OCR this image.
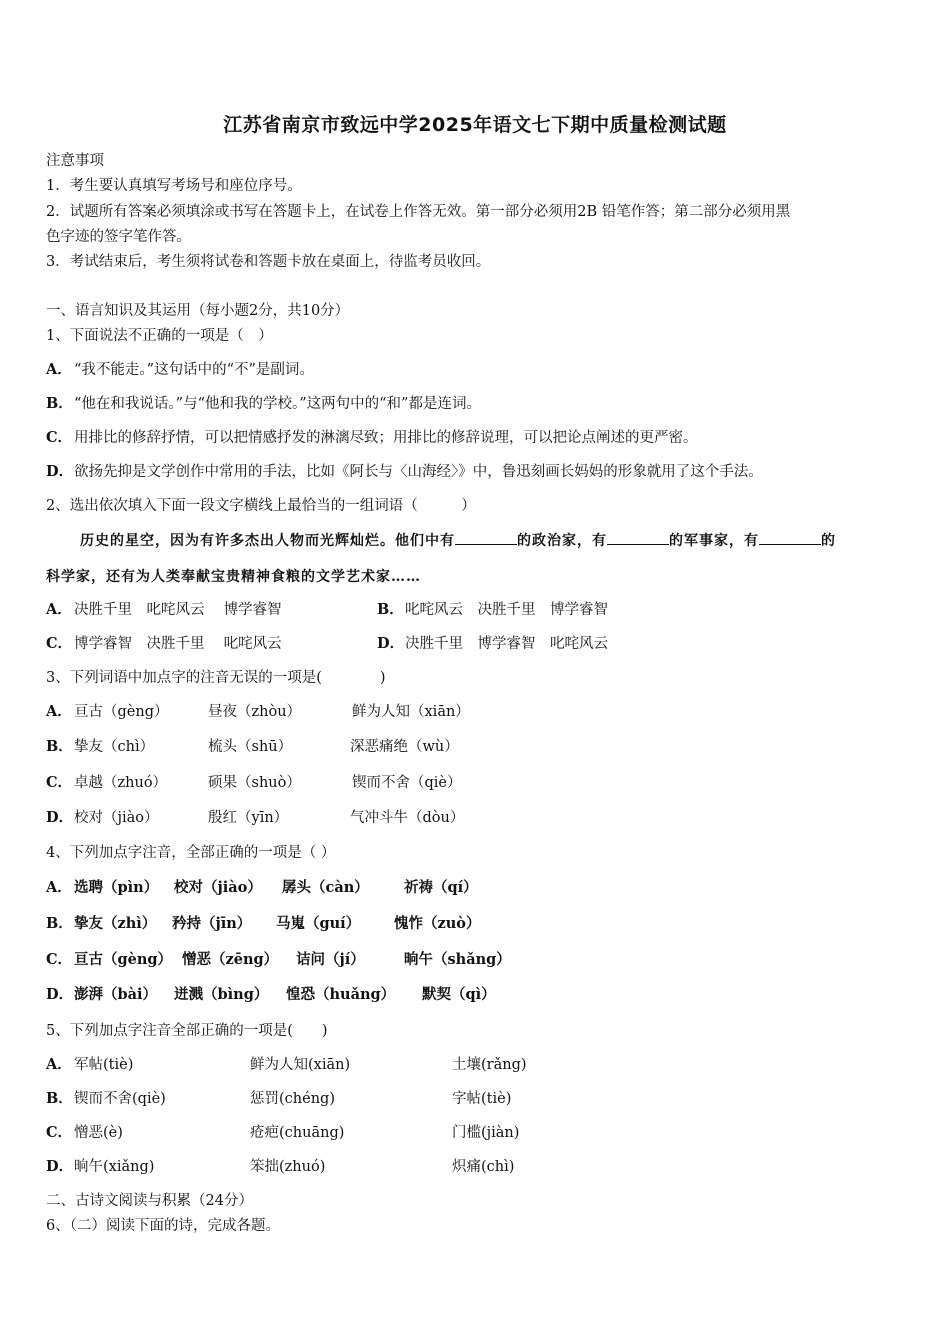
江苏省南京市致远中学2025年语文七下期中质量检测试题
注意事项
1．考生要认真填写考场号和座位序号。
2．试题所有答案必须填涂或书写在答题卡上，在试卷上作答无效。第一部分必须用2B 铅笔作答；第二部分必须用黑
色字迹的签字笔作答。
3．考试结束后，考生须将试卷和答题卡放在桌面上，待监考员收回。
一、语言知识及其运用（每小题2分，共10分）
1、下面说法不正确的一项是（　）
A． “我不能走。”这句话中的“不”是副词。
B．“他在和我说话。”与“他和我的学校。”这两句中的“和”都是连词。
C． 用排比的修辞抒情，可以把情感抒发的淋漓尽致；用排比的修辞说理，可以把论点阐述的更严密。
D．欲扬先抑是文学创作中常用的手法，比如《阿长与〈山海经〉》中，鲁迅刻画长妈妈的形象就用了这个手法。
2、选出依次填入下面一段文字横线上最恰当的一组词语（　　　）
历史的星空，因为有许多杰出人物而光辉灿烂。他们中有	的政治家，有	的军事家，有	的
科学家，还有为人类奉献宝贵精神食粮的文学艺术家……
A． 决胜千里　叱咤风云　 博学睿智	B．叱咤风云　决胜千里　博学睿智
C． 博学睿智　决胜千里　 叱咤风云	D．决胜千里　博学睿智　叱咤风云
3、下列词语中加点字的注音无误的一项是(　　　　)
A． 亘古（gèng）	昼夜（zhòu）	鲜为人知（xiān）
B． 挚友（chì）	梳头（shū）	深恶痛绝（wù）
C． 卓越（zhuó）	硕果（shuò）	锲而不舍（qiè）
D． 校对（jiào）	殷红（yīn）	气冲斗牛（dòu）
4、下列加点字注音，全部正确的一项是（ ）
A． 选聘（pìn） 校对（jiào） 孱头（càn） 祈祷（qí）
B． 挚友（zhì） 矜持（jīn） 马嵬（guí） 愧怍（zuò）
C． 亘古（gèng） 憎恶（zēng） 诘问（jí）	晌午（shǎng）
D． 澎湃（bài） 迸溅（bìng） 惶恐（huǎng） 默契（qì）
5、下列加点字注音全部正确的一项是(　　)
A． 军帖(tiè)	鲜为人知(xiān)	土壤(rǎng)
B． 锲而不舍(qiè)	惩罚(chéng)	字帖(tiè)
C． 憎恶(è)	疮疤(chuāng)	门槛(jiàn)
D． 晌午(xiǎng)	笨拙(zhuó)	炽痛(chì)
二、古诗文阅读与积累（24分）
6、（二）阅读下面的诗，完成各题。
